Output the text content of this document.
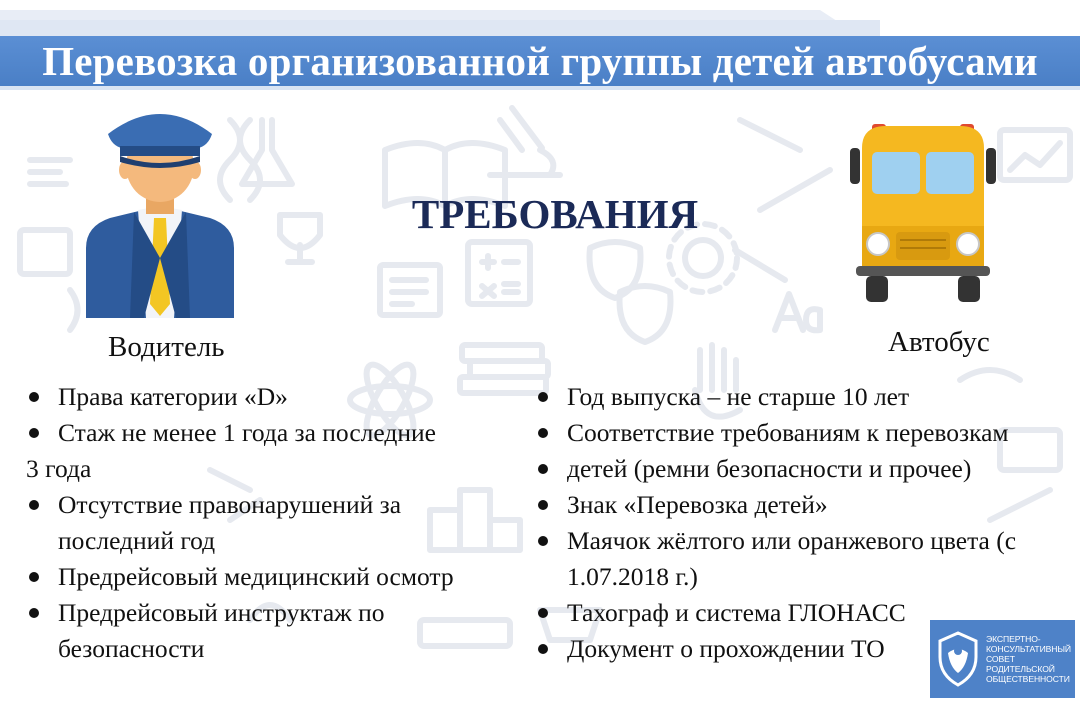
Перевозка организованной группы детей автобусами
ТРЕБОВАНИЯ
Водитель	Автобус
Права категории «D»
Стаж не менее 1 года за последние
3 года
Отсутствие правонарушений за
последний год
Предрейсовый медицинский осмотр
Предрейсовый инструктаж по
безопасности
Год выпуска – не старше 10 лет
Соответствие требованиям к перевозкам
детей (ремни безопасности и прочее)
Знак «Перевозка детей»
Маячок жёлтого или оранжевого цвета (с
1.07.2018 г.)
Тахограф и система ГЛОНАСС
Документ о прохождении ТО	ЭКСПЕРТНО-
КОНСУЛЬТАТИВНЫЙ
СОВЕТ
РОДИТЕЛЬСКОЙ
ОБЩЕСТВЕННОСТИ
